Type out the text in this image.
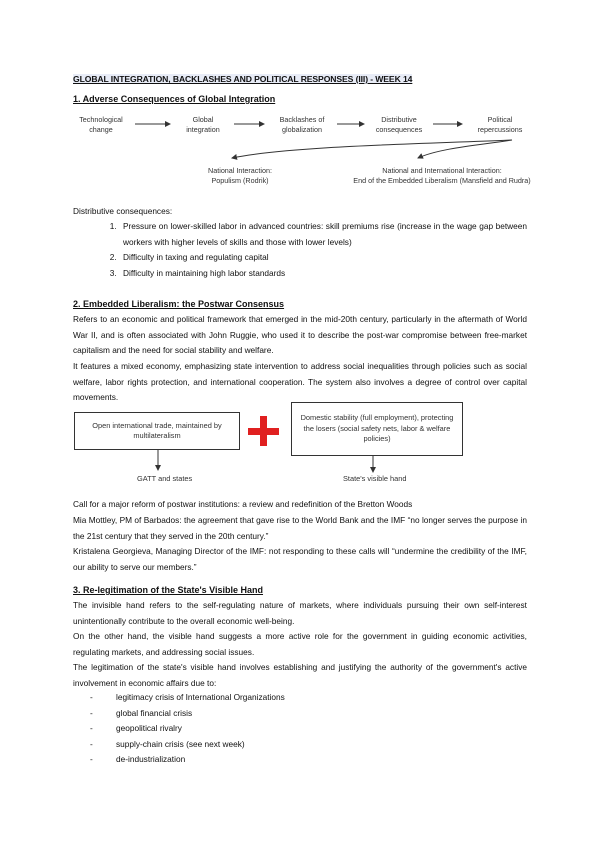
GLOBAL INTEGRATION, BACKLASHES AND POLITICAL RESPONSES (III) - WEEK 14
1. Adverse Consequences of Global Integration
Technological
change
Global
integration
Backlashes of
globalization
Distributive
consequences
Political
repercussions
National Interaction:
Populism (Rodrik)
National and International Interaction:
End of the Embedded Liberalism (Mansfield and Rudra)
Distributive consequences:
1. Pressure on lower-skilled labor in advanced countries: skill premiums rise (increase in the wage gap between workers with higher levels of skills and those with lower levels)
2. Difficulty in taxing and regulating capital
3. Difficulty in maintaining high labor standards
2. Embedded Liberalism: the Postwar Consensus
Refers to an economic and political framework that emerged in the mid-20th century, particularly in the aftermath of World War II, and is often associated with John Ruggie, who used it to describe the post-war compromise between free-market capitalism and the need for social stability and welfare.
It features a mixed economy, emphasizing state intervention to address social inequalities through policies such as social welfare, labor rights protection, and international cooperation. The system also involves a degree of control over capital movements.
Open international trade, maintained by multilateralism
Domestic stability (full employment), protecting the losers (social safety nets, labor & welfare policies)
GATT and states	State's visible hand
Call for a major reform of postwar institutions: a review and redefinition of the Bretton Woods
Mia Mottley, PM of Barbados: the agreement that gave rise to the World Bank and the IMF “no longer serves the purpose in the 21st century that they served in the 20th century.”
Kristalena Georgieva, Managing Director of the IMF: not responding to these calls will “undermine the credibility of the IMF, our ability to serve our members.”
3. Re-legitimation of the State's Visible Hand
The invisible hand refers to the self-regulating nature of markets, where individuals pursuing their own self-interest unintentionally contribute to the overall economic well-being.
On the other hand, the visible hand suggests a more active role for the government in guiding economic activities, regulating markets, and addressing social issues.
The legitimation of the state's visible hand involves establishing and justifying the authority of the government's active involvement in economic affairs due to:
-	legitimacy crisis of International Organizations
-	global financial crisis
-	geopolitical rivalry
-	supply-chain crisis (see next week)
-	de-industrialization
